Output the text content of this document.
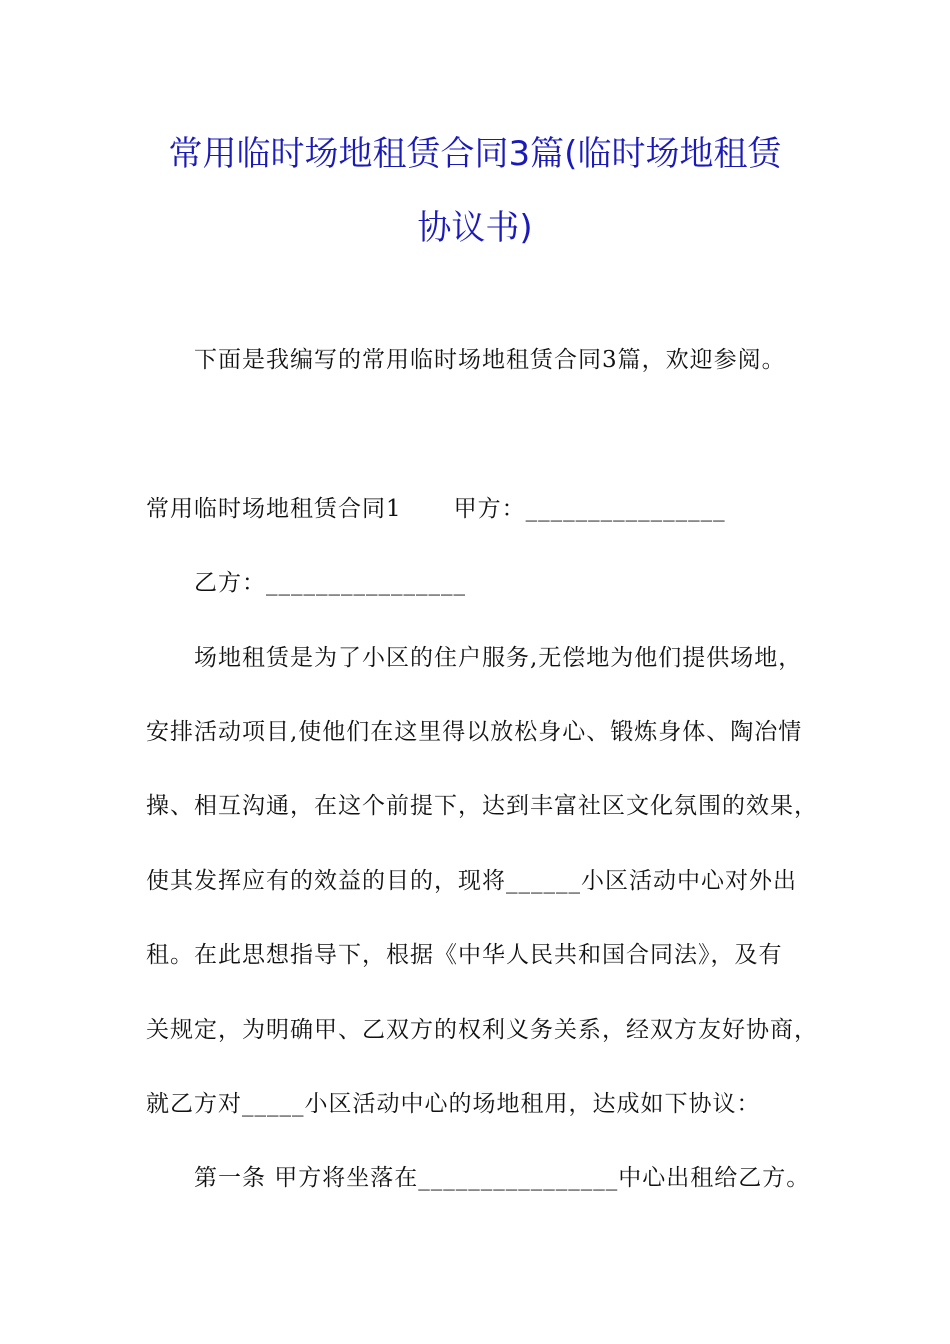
常用临时场地租赁合同3篇(临时场地租赁
协议书)
下面是我编写的常用临时场地租赁合同3篇，欢迎参阅。
常用临时场地租赁合同1 甲方：________________
乙方：________________
场地租赁是为了小区的住户服务,无偿地为他们提供场地，
安排活动项目,使他们在这里得以放松身心、锻炼身体、陶冶情
操、相互沟通，在这个前提下，达到丰富社区文化氛围的效果，
使其发挥应有的效益的目的，现将______小区活动中心对外出
租。在此思想指导下，根据《中华人民共和国合同法》，及有
关规定，为明确甲、乙双方的权利义务关系，经双方友好协商，
就乙方对_____小区活动中心的场地租用，达成如下协议：
第一条 甲方将坐落在________________中心出租给乙方。
